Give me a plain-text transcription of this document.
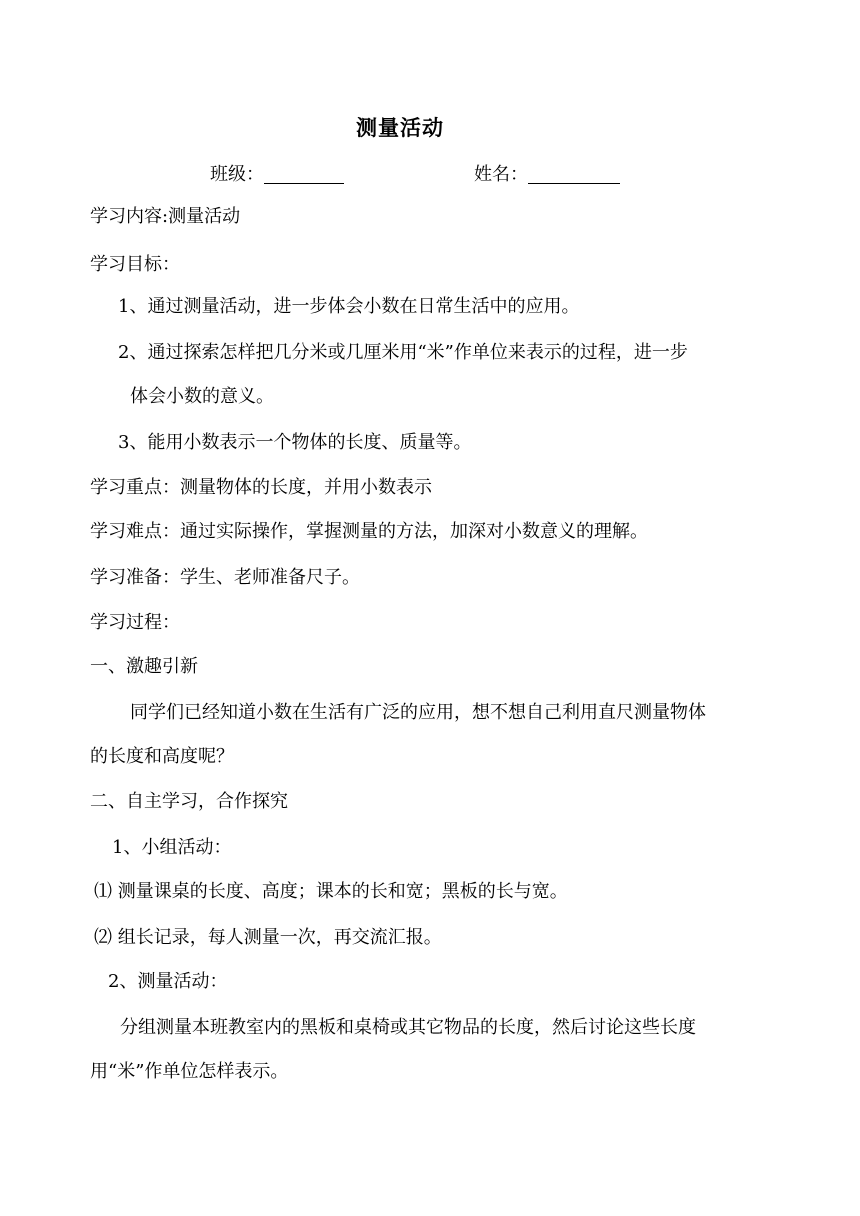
测量活动
班级：	姓名：
学习内容:测量活动
学习目标：
1、通过测量活动，进一步体会小数在日常生活中的应用。
2、通过探索怎样把几分米或几厘米用“米”作单位来表示的过程，进一步
体会小数的意义。
3、能用小数表示一个物体的长度、质量等。
学习重点：测量物体的长度，并用小数表示
学习难点：通过实际操作，掌握测量的方法，加深对小数意义的理解。
学习准备：学生、老师准备尺子。
学习过程：
一、激趣引新
同学们已经知道小数在生活有广泛的应用，想不想自己利用直尺测量物体
的长度和高度呢？
二、自主学习，合作探究
1、小组活动：
⑴ 测量课桌的长度、高度；课本的长和宽；黑板的长与宽。
⑵ 组长记录，每人测量一次，再交流汇报。
2、测量活动：
分组测量本班教室内的黑板和桌椅或其它物品的长度，然后讨论这些长度
用“米”作单位怎样表示。
